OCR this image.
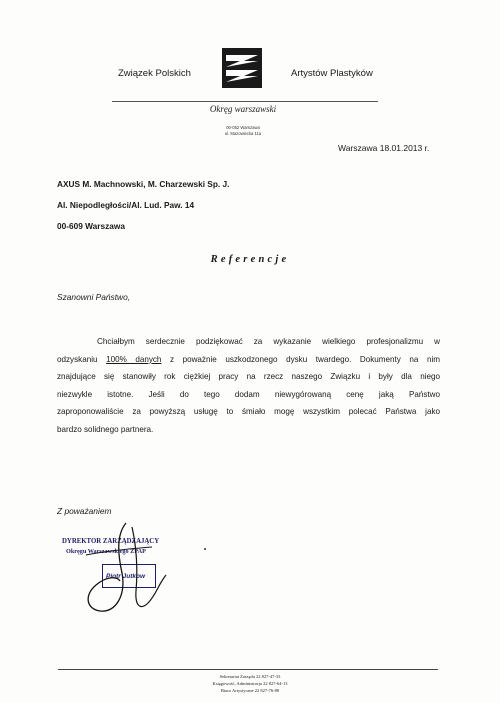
Związek Polskich	Artystów Plastyków
Okręg warszawski
00-052 Warszawa
ul. Mazowiecka 11a
Warszawa 18.01.2013 r.
AXUS M. Machnowski, M. Charzewski Sp. J.
Al. Niepodległości/Al. Lud. Paw. 14
00-609 Warszawa
Referencje
Szanowni Państwo,
Chciałbym serdecznie podziękować za wykazanie wielkiego profesjonalizmu w
odzyskaniu 100% danych z poważnie uszkodzonego dysku twardego. Dokumenty na nim
znajdujące się stanowiły rok ciężkiej pracy na rzecz naszego Związku i były dla niego
niezwykle istotne. Jeśli do tego dodam niewygórowaną cenę jaką Państwo
zaproponowaliście za powyższą usługę to śmiało mogę wszystkim polecać Państwa jako
bardzo solidnego partnera.
Z poważaniem
DYREKTOR ZARZĄDZAJĄCY
Okręgu Warszawskiego ZPAP
Piotr Jutkow
Sekretariat Zarządu 22 827-47-33
Księgowość, Administracja 22 827-64-13
Biuro Artystyczne 22 827-76-88
